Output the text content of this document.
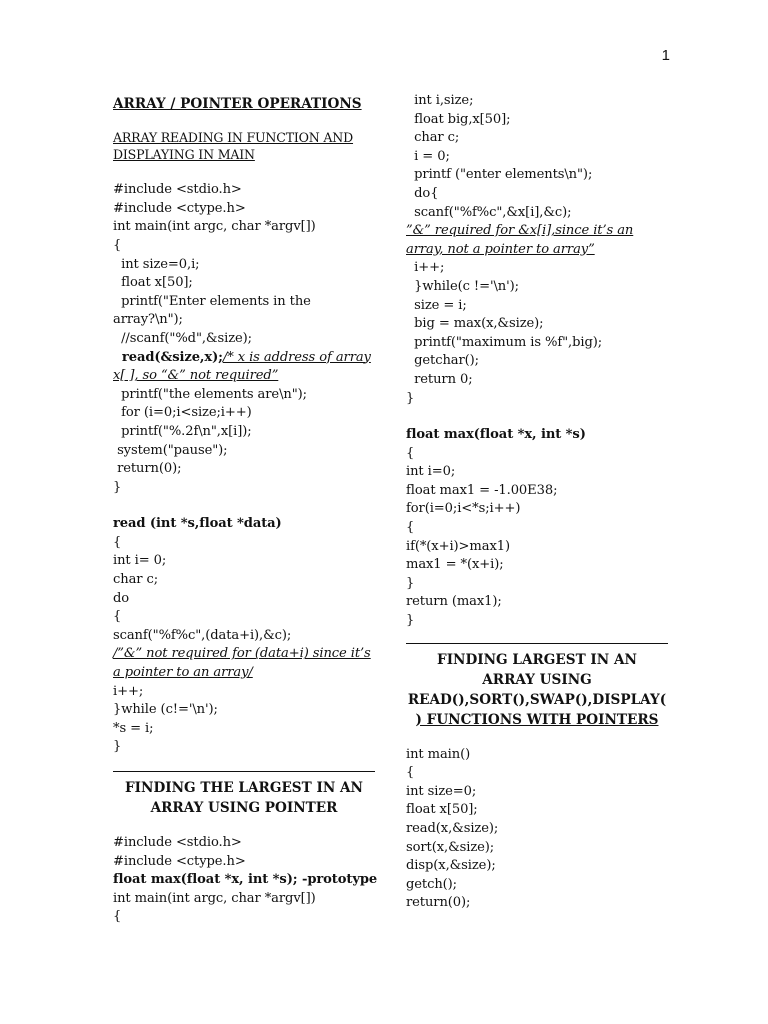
1
ARRAY / POINTER OPERATIONS
ARRAY READING IN FUNCTION AND
DISPLAYING IN MAIN
#include <stdio.h>
#include <ctype.h>
int main(int argc, char *argv[])
{
int size=0,i;
float x[50];
printf("Enter elements in the
array?\n");
//scanf("%d",&size);
read(&size,x);/* x is address of array
x[ ], so “&” not required”
printf("the elements are\n");
for (i=0;i<size;i++)
printf("%.2f\n",x[i]);
system("pause");
return(0);
}
read (int *s,float *data)
{
int i= 0;
char c;
do
{
scanf("%f%c",(data+i),&c);
/”&” not required for (data+i) since it’s
a pointer to an array/
i++;
}while (c!='\n');
*s = i;
}
FINDING THE LARGEST IN AN
ARRAY USING POINTER
#include <stdio.h>
#include <ctype.h>
float max(float *x, int *s); -prototype
int main(int argc, char *argv[])
{
int i,size;
float big,x[50];
char c;
i = 0;
printf ("enter elements\n");
do{
scanf("%f%c",&x[i],&c);
”&” required for &x[i],since it’s an
array, not a pointer to array”
i++;
}while(c !='\n');
size = i;
big = max(x,&size);
printf("maximum is %f",big);
getchar();
return 0;
}
float max(float *x, int *s)
{
int i=0;
float max1 = -1.00E38;
for(i=0;i<*s;i++)
{
if(*(x+i)>max1)
max1 = *(x+i);
}
return (max1);
}
FINDING LARGEST IN AN
ARRAY USING
READ(),SORT(),SWAP(),DISPLAY(
) FUNCTIONS WITH POINTERS
int main()
{
int size=0;
float x[50];
read(x,&size);
sort(x,&size);
disp(x,&size);
getch();
return(0);
